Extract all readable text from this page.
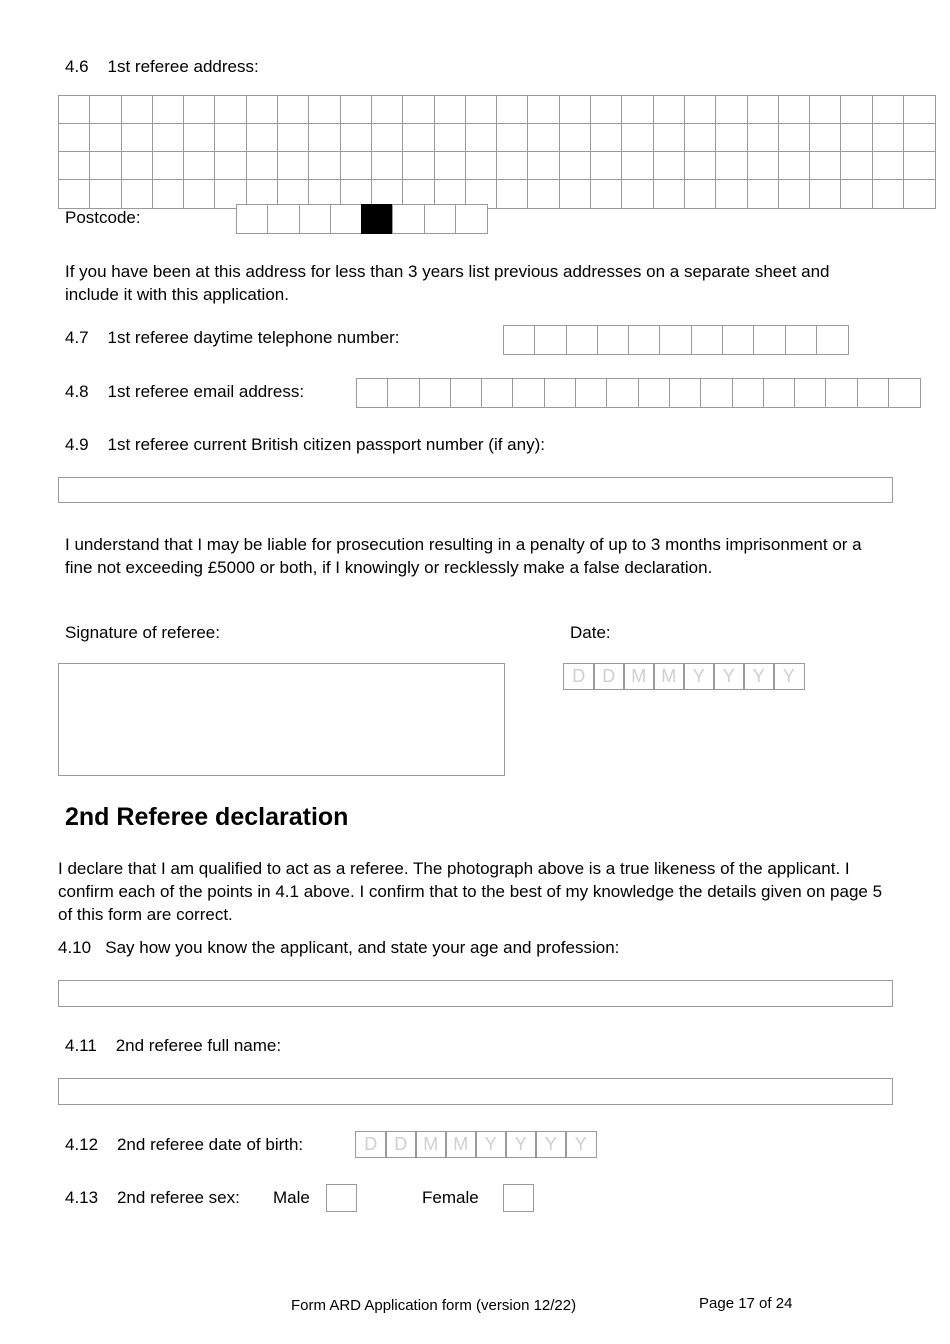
4.6    1st referee address:
Postcode:
If you have been at this address for less than 3 years list previous addresses on a separate sheet and include it with this application.
4.7    1st referee daytime telephone number:
4.8    1st referee email address:
4.9    1st referee current British citizen passport number (if any):
I understand that I may be liable for prosecution resulting in a penalty of up to 3 months imprisonment or a fine not exceeding £5000 or both, if I knowingly or recklessly make a false declaration.
Signature of referee:	Date:
D D M M Y Y Y Y
2nd Referee declaration
I declare that I am qualified to act as a referee. The photograph above is a true likeness of the applicant. I confirm each of the points in 4.1 above. I confirm that to the best of my knowledge the details given on page 5 of this form are correct.
4.10   Say how you know the applicant, and state your age and profession:
4.11    2nd referee full name:
4.12    2nd referee date of birth:	D D M M Y Y Y Y
4.13    2nd referee sex: Male	Female
Form ARD Application form (version 12/22)	Page 17 of 24
